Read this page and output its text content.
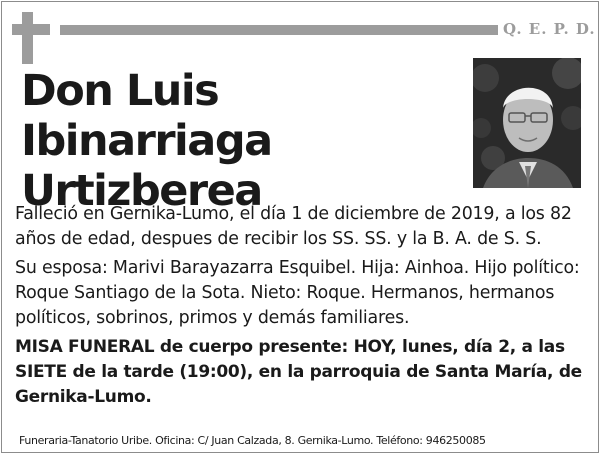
Q. E. P. D.
Don Luis Ibinarriaga
Urtizberea

Falleció en Gernika-Lumo, el día 1 de diciembre de 2019, a los 82 años de edad, despues de recibir los SS. SS. y la B. A. de S. S.

Su esposa: Marivi Barayazarra Esquibel. Hija: Ainhoa. Hijo político: Roque Santiago de la Sota. Nieto: Roque. Hermanos, hermanos políticos, sobrinos, primos y demás familiares.

MISA FUNERAL de cuerpo presente: HOY, lunes, día 2, a las SIETE de la tarde (19:00), en la parroquia de Santa María, de Gernika-Lumo.

Funeraria-Tanatorio Uribe. Oficina: C/ Juan Calzada, 8. Gernika-Lumo. Teléfono: 946250085
